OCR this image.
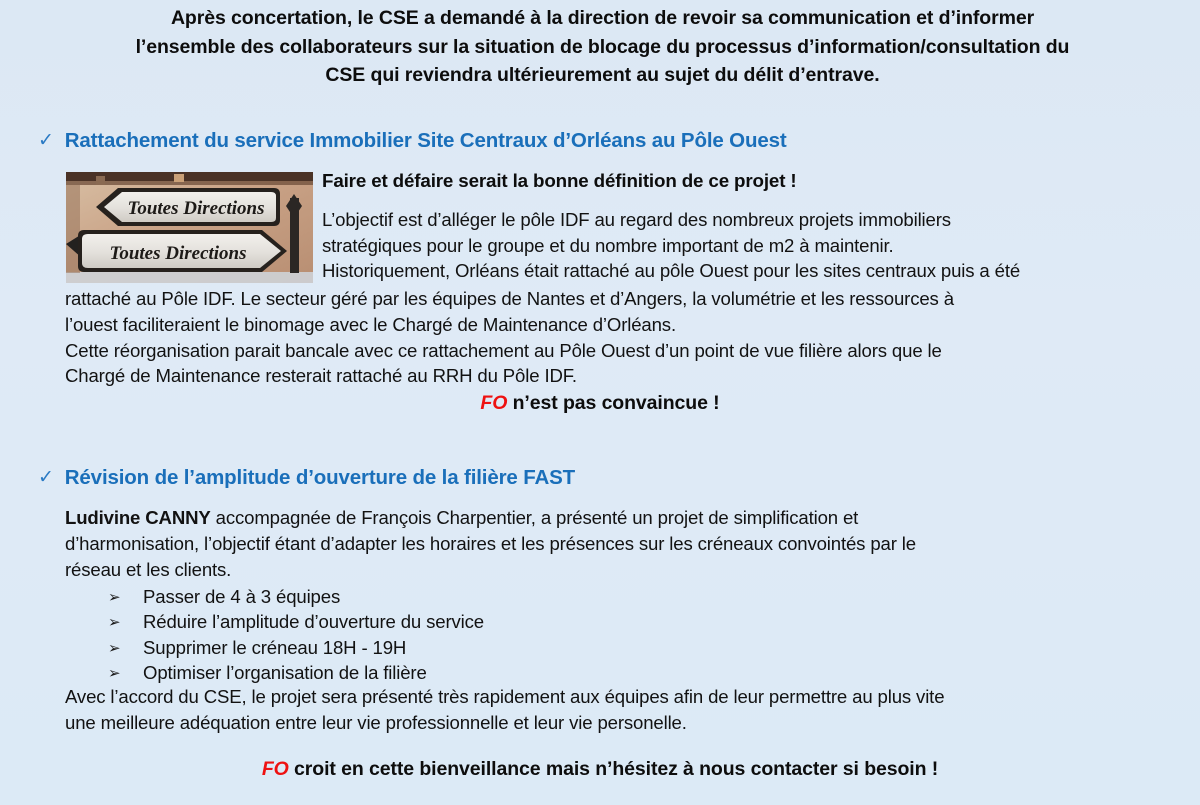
Après concertation, le CSE a demandé à la direction de revoir sa communication et d’informer
l’ensemble des collaborateurs sur la situation de blocage du processus d’information/consultation du
CSE qui reviendra ultérieurement au sujet du délit d’entrave.
✓ Rattachement du service Immobilier Site Centraux d’Orléans au Pôle Ouest
Toutes Directions
Toutes Directions
Faire et défaire serait la bonne définition de ce projet !
L’objectif est d’alléger le pôle IDF au regard des nombreux projets immobiliers
stratégiques pour le groupe et du nombre important de m2 à maintenir.
Historiquement, Orléans était rattaché au pôle Ouest pour les sites centraux puis a été
rattaché au Pôle IDF. Le secteur géré par les équipes de Nantes et d’Angers, la volumétrie et les ressources à
l’ouest faciliteraient le binomage avec le Chargé de Maintenance d’Orléans.
Cette réorganisation parait bancale avec ce rattachement au Pôle Ouest d’un point de vue filière alors que le
Chargé de Maintenance resterait rattaché au RRH du Pôle IDF.
FO n’est pas convaincue !
✓ Révision de l’amplitude d’ouverture de la filière FAST
Ludivine CANNY accompagnée de François Charpentier, a présenté un projet de simplification et
d’harmonisation, l’objectif étant d’adapter les horaires et les présences sur les créneaux convointés par le
réseau et les clients.
➢ Passer de 4 à 3 équipes
➢ Réduire l’amplitude d’ouverture du service
➢ Supprimer le créneau 18H - 19H
➢ Optimiser l’organisation de la filière
Avec l’accord du CSE, le projet sera présenté très rapidement aux équipes afin de leur permettre au plus vite
une meilleure adéquation entre leur vie professionnelle et leur vie personelle.
FO croit en cette bienveillance mais n’hésitez à nous contacter si besoin !
